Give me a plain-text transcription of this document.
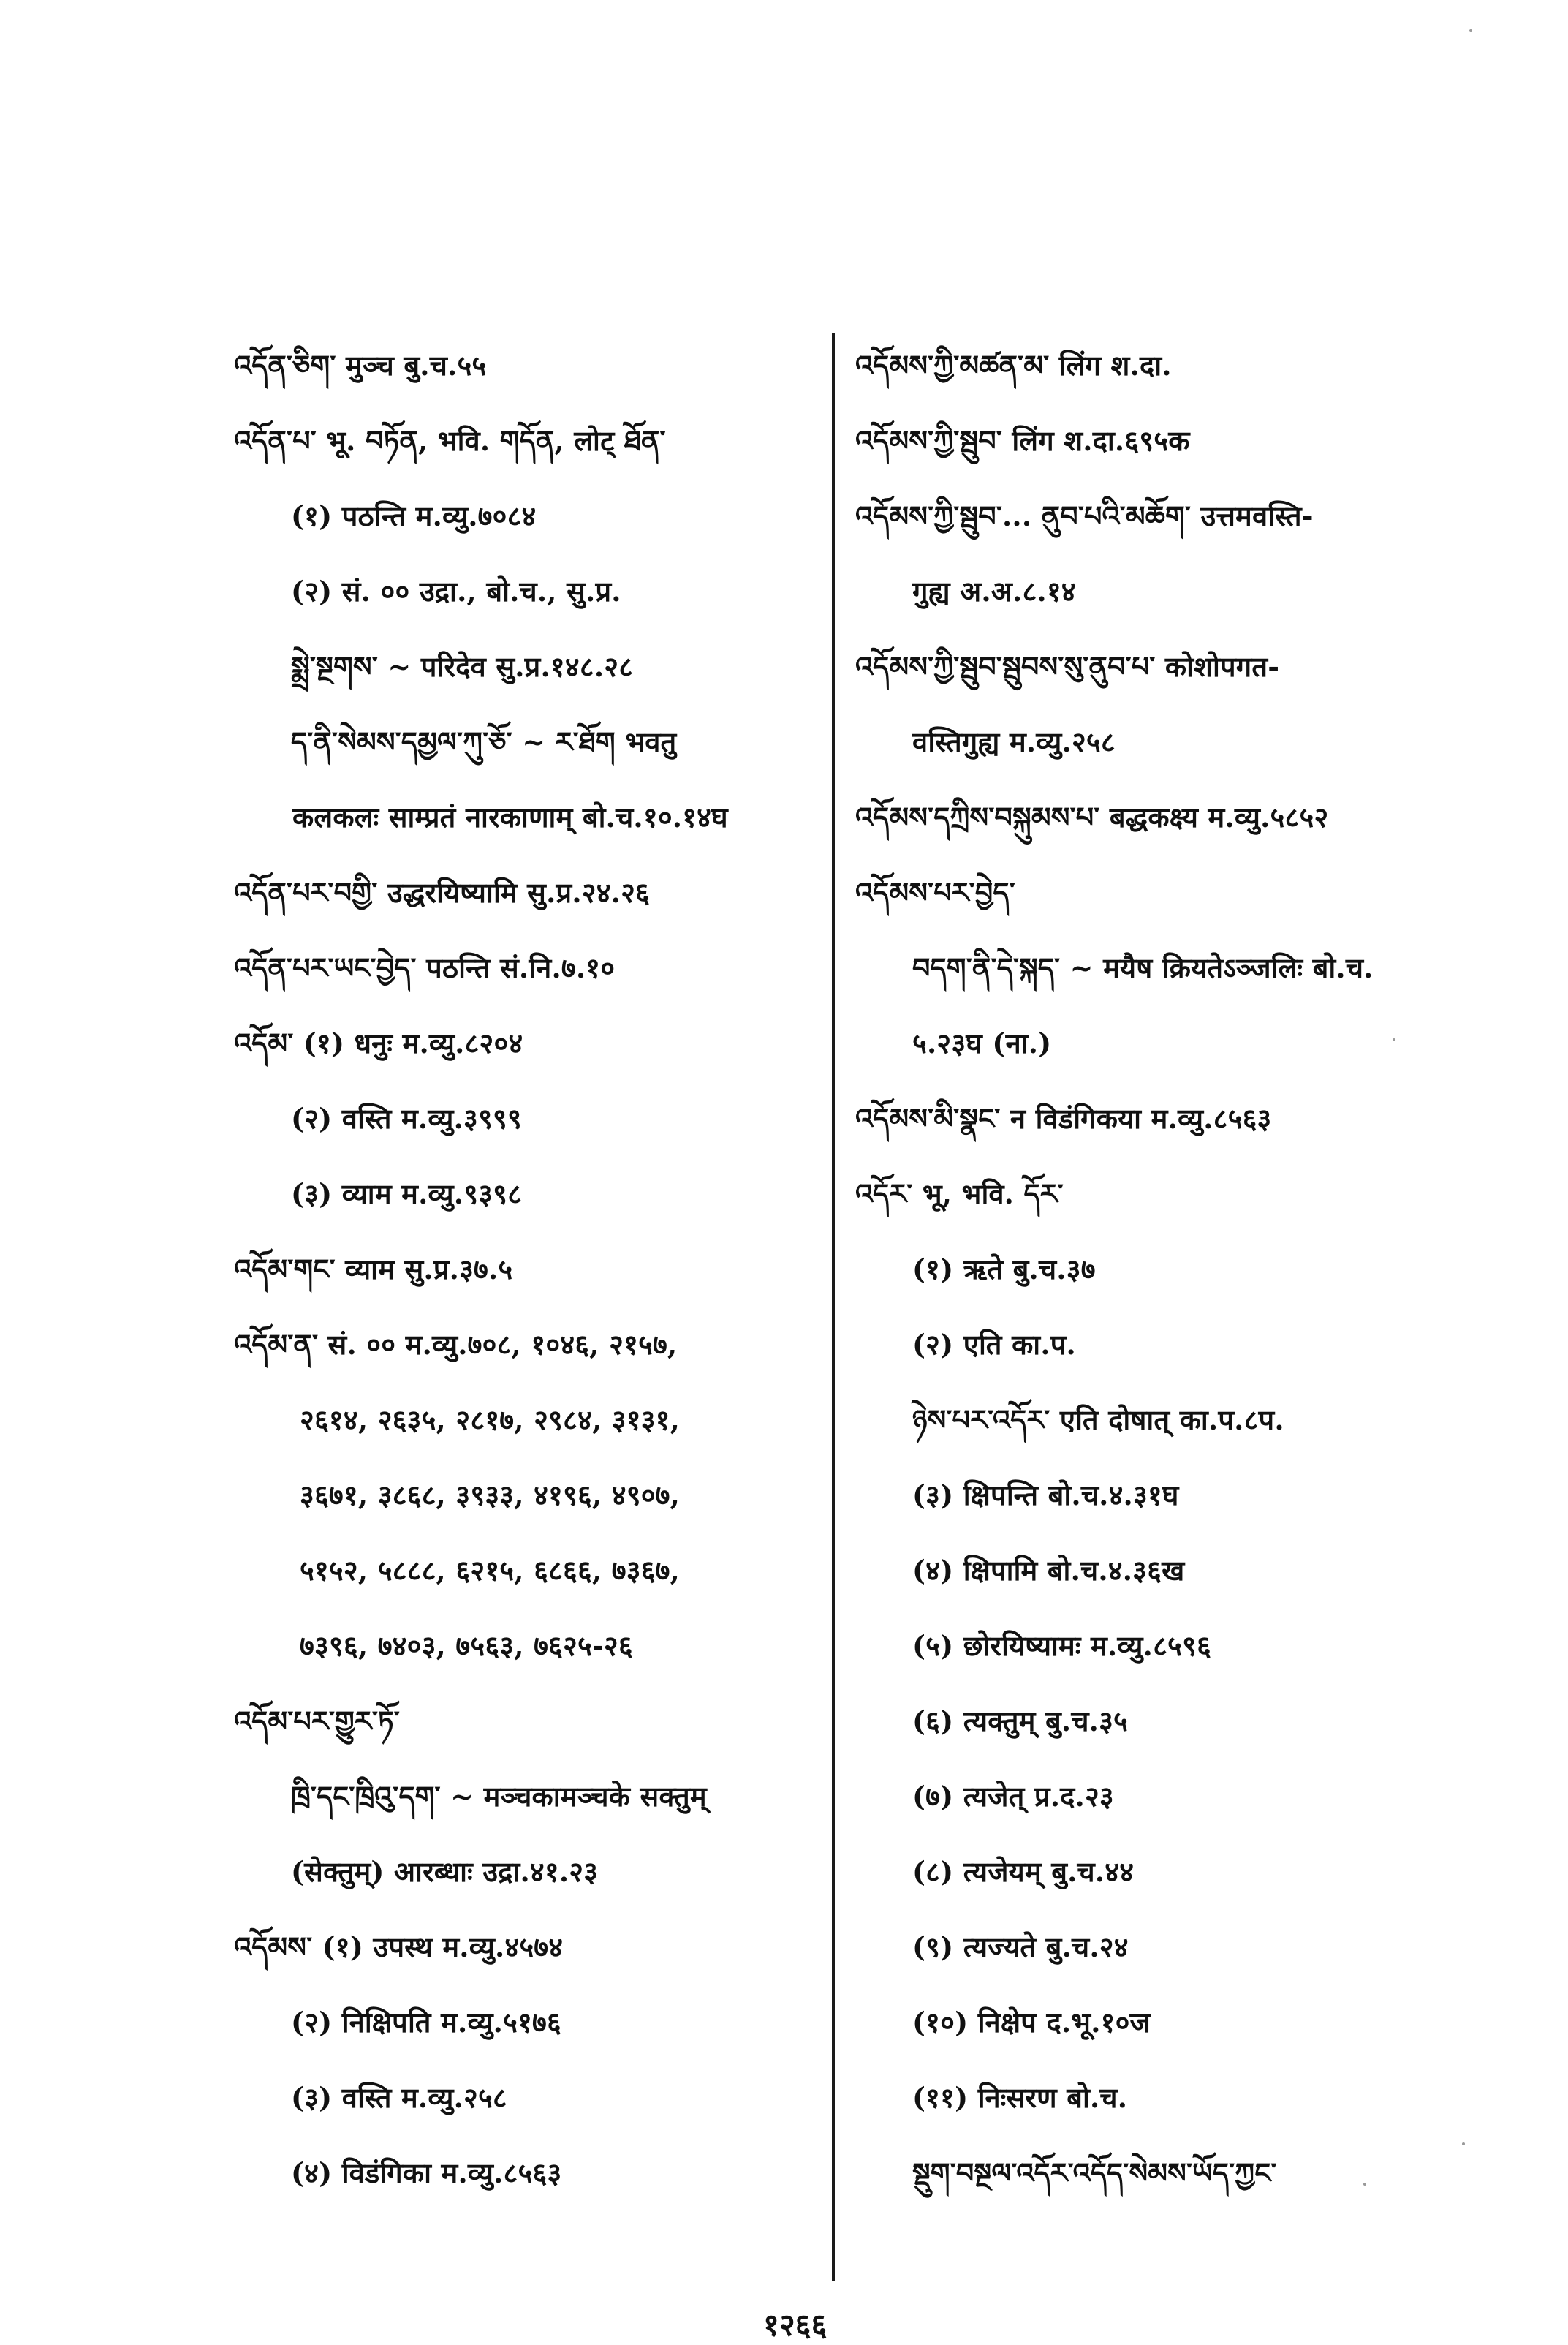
འདོན་ཅིག་ मुञ्च बु.च.५५
འདོན་པ་ भू. བཏོན, भवि. གདོན, लोट् ཐོན་
(१) पठन्ति म.व्यु.७०८४
(२) सं. ०० उद्रा., बो.च., सु.प्र.
སྨྲེ་སྔགས་ ~ परिदेव सु.प्र.१४८.२८
ད་ནི་སེམས་དམྱལ་ཀུ་ཅོ་ ~ ར་ཐོག भवतु
कलकलः साम्प्रतं नारकाणाम् बो.च.१०.१४घ
འདོན་པར་བགྱི་ उद्धरयिष्यामि सु.प्र.२४.२६
འདོན་པར་ཡང་བྱེད་ पठन्ति सं.नि.७.१०
འདོམ་ (१) धनुः म.व्यु.८२०४
(२) वस्ति म.व्यु.३९९९
(३) व्याम म.व्यु.९३९८
འདོམ་གང་ व्याम सु.प्र.३७.५
འདོམ་ན་ सं. ०० म.व्यु.७०८, १०४६, २१५७,
२६१४, २६३५, २८१७, २९८४, ३१३१,
३६७१, ३८६८, ३९३३, ४१९६, ४९०७,
५१५२, ५८८८, ६२१५, ६८६६, ७३६७,
७३९६, ७४०३, ७५६३, ७६२५-२६
འདོམ་པར་གྱུར་ཏོ་
ཁྲི་དང་ཁྲིའུ་དག་ ~ मञ्चकामञ्चके सक्तुम्
(सेक्तुम्) आरब्धाः उद्रा.४१.२३
འདོམས་ (१) उपस्थ म.व्यु.४५७४
(२) निक्षिपति म.व्यु.५१७६
(३) वस्ति म.व्यु.२५८
(४) विडंगिका म.व्यु.८५६३
འདོམས་ཀྱི་མཚན་མ་ लिंग श.दा.
འདོམས་ཀྱི་སྦུབ་ लिंग श.दा.६९५क
འདོམས་ཀྱི་སྦུབ་... ནུབ་པའི་མཆོག་ उत्तमवस्ति-
गुह्य अ.अ.८.१४
འདོམས་ཀྱི་སྦུབ་སྦུབས་སུ་ནུབ་པ་ कोशोपगत-
वस्तिगुह्य म.व्यु.२५८
འདོམས་དཀྲིས་བསྐུམས་པ་ बद्धकक्ष्य म.व्यु.५८५२
འདོམས་པར་བྱེད་
བདག་ནི་དེ་སྐད་ ~ मयैष क्रियतेऽञ्जलिः बो.च.
५.२३घ (ना.)
འདོམས་མི་སྣང་ न विडंगिकया म.व्यु.८५६३
འདོར་ भू, भवि. དོར་
(१) ऋते बु.च.३७
(२) एति का.प.
ཉེས་པར་འདོར་ एति दोषात् का.प.८प.
(३) क्षिपन्ति बो.च.४.३१घ
(४) क्षिपामि बो.च.४.३६ख
(५) छोरयिष्यामः म.व्यु.८५९६
(६) त्यक्तुम् बु.च.३५
(७) त्यजेत् प्र.द.२३
(८) त्यजेयम् बु.च.४४
(९) त्यज्यते बु.च.२४
(१०) निक्षेप द.भू.१०ज
(११) निःसरण बो.च.
སྡུག་བསྔལ་འདོར་འདོད་སེམས་ཡོད་ཀྱང་
१२६६
